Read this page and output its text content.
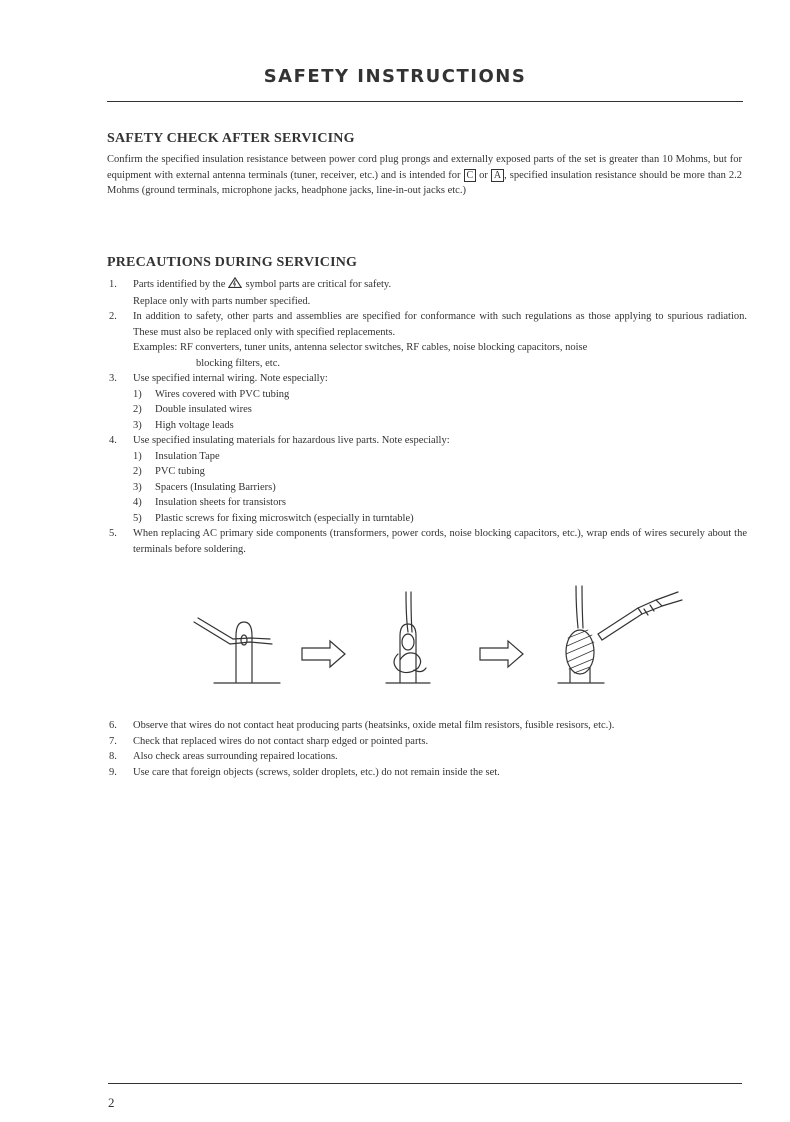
SAFETY INSTRUCTIONS
SAFETY CHECK AFTER SERVICING
Confirm the specified insulation resistance between power cord plug prongs and externally exposed parts of the set is greater than 10 Mohms, but for equipment with external antenna terminals (tuner, receiver, etc.) and is intended for C or A , specified insulation resistance should be more than 2.2 Mohms (ground terminals, microphone jacks, headphone jacks, line-in-out jacks etc.)
PRECAUTIONS DURING SERVICING
1. Parts identified by the symbol parts are critical for safety.
Replace only with parts number specified.
2. In addition to safety, other parts and assemblies are specified for conformance with such regulations as those applying to spurious radiation. These must also be replaced only with specified replacements.
Examples: RF converters, tuner units, antenna selector switches, RF cables, noise blocking capacitors, noise
blocking filters, etc.
3. Use specified internal wiring. Note especially:
1) Wires covered with PVC tubing
2) Double insulated wires
3) High voltage leads
4. Use specified insulating materials for hazardous live parts. Note especially:
1) Insulation Tape
2) PVC tubing
3) Spacers (Insulating Barriers)
4) Insulation sheets for transistors
5) Plastic screws for fixing microswitch (especially in turntable)
5. When replacing AC primary side components (transformers, power cords, noise blocking capacitors, etc.), wrap ends of wires securely about the terminals before soldering.
6. Observe that wires do not contact heat producing parts (heatsinks, oxide metal film resistors, fusible resisors, etc.).
7. Check that replaced wires do not contact sharp edged or pointed parts.
8. Also check areas surrounding repaired locations.
9. Use care that foreign objects (screws, solder droplets, etc.) do not remain inside the set.
2
